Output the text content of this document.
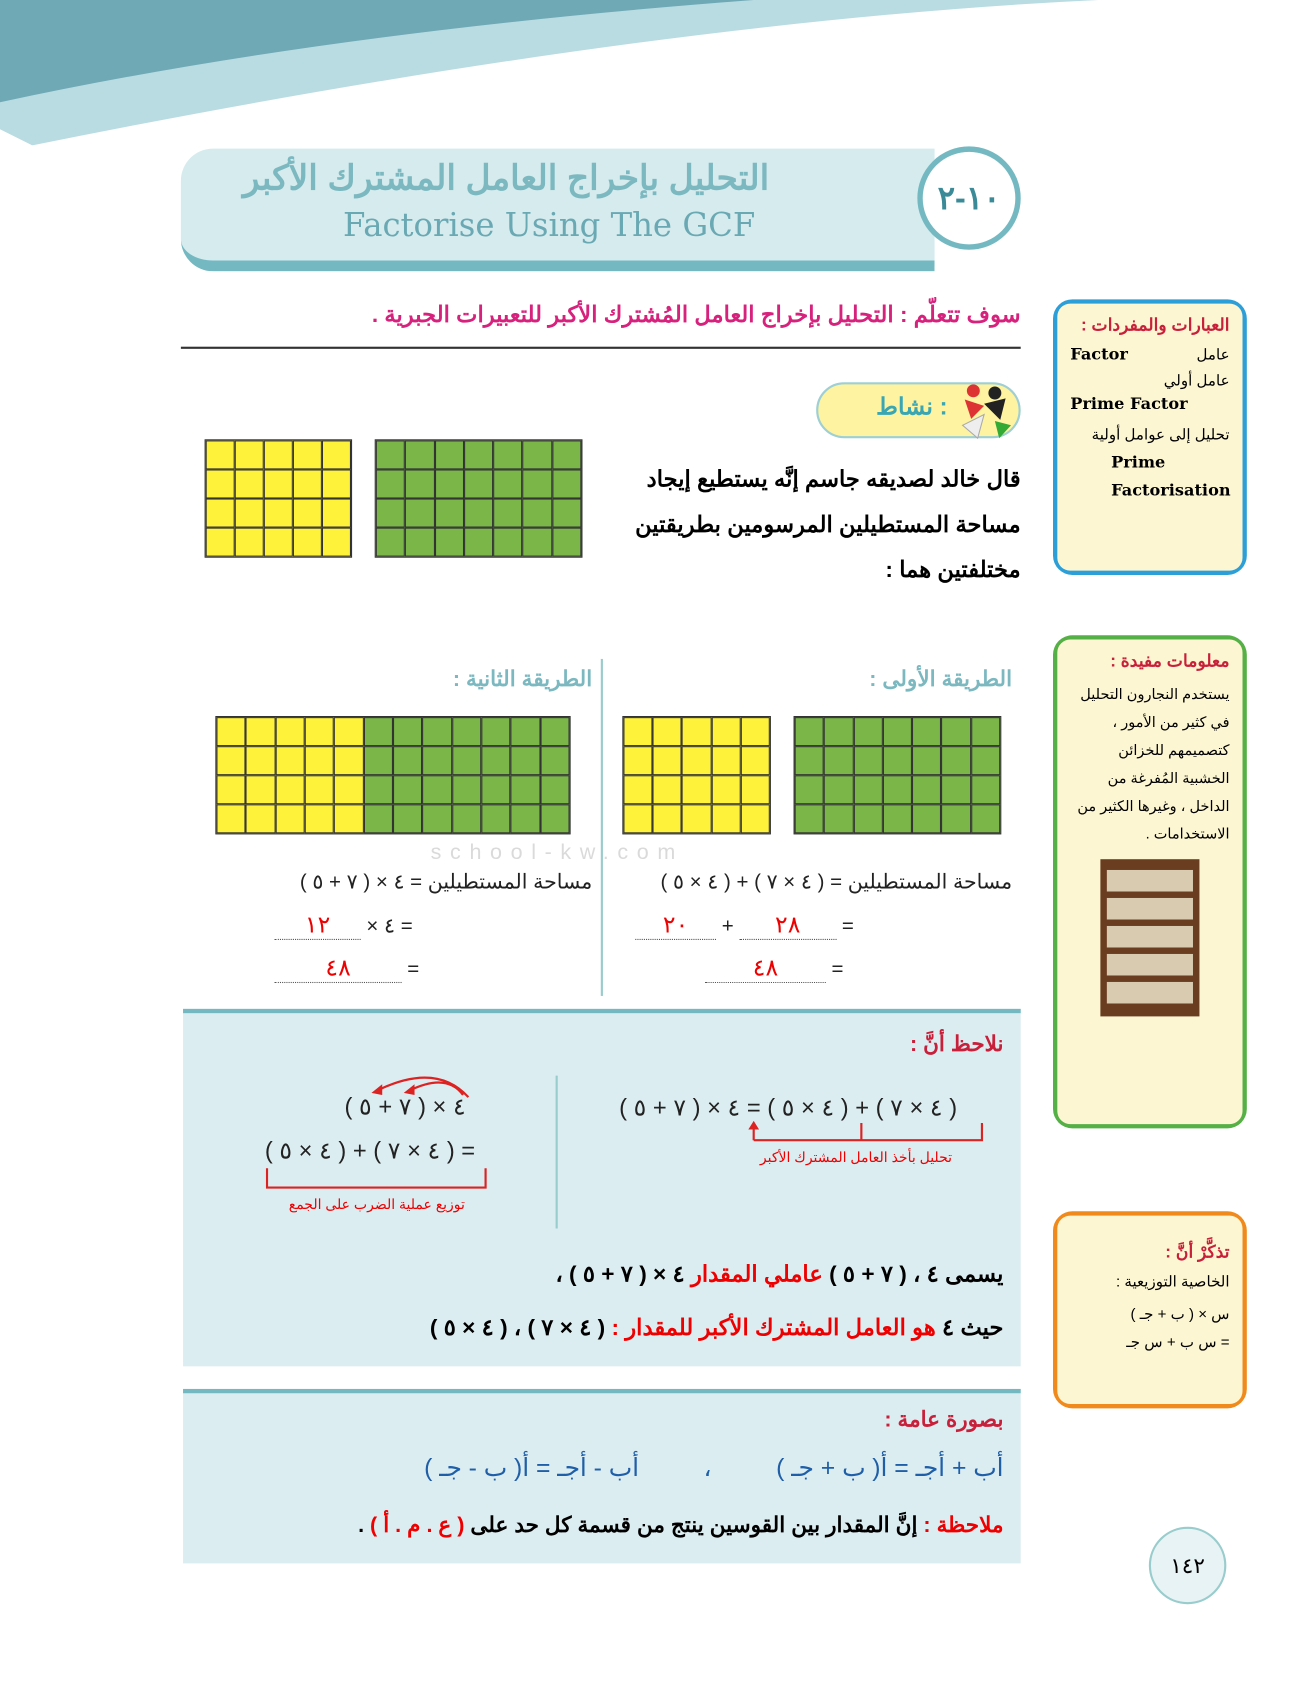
التحليل بإخراج العامل المشترك الأكبر
Factorise Using The GCF
١٠-٢
سوف تتعلّم : التحليل بإخراج العامل المُشترك الأكبر للتعبيرات الجبرية .	العبارات والمفردات :
عامل
Factor
عامل أولي
Prime Factor
تحليل إلى عوامل أولية
Prime Factorisation
نشاط :
قال خالد لصديقه جاسم إنَّه يستطيع إيجاد مساحة المستطيلين المرسومين بطريقتين مختلفتين هما :
الطريقة الأولى :
الطريقة الثانية :
school-kw.com
مساحة المستطيلين = ( ٤ × ٧ ) + ( ٤ × ٥ )
٢٠ + ٢٨ =
٤٨	=
مساحة المستطيلين = ٤ × ( ٧ + ٥ )
١٢ × ٤ =
٤٨	=
معلومات مفيدة :

يستخدم النجارون التحليل في كثير من الأمور ، كتصميمهم للخزائن الخشبية المُفرغة من الداخل ، وغيرها الكثير من الاستخدامات .

نلاحظ أنَّ :
( ٤ × ٧ ) + ( ٤ × ٥ ) = ٤ × ( ٧ + ٥ )
تحليل بأخذ العامل المشترك الأكبر
٤ × ( ٧ + ٥ )
= ( ٤ × ٧ ) + ( ٤ × ٥ )
توزيع عملية الضرب على الجمع
يسمى ٤ ، ( ٧ + ٥ ) عاملي المقدار ٤ × ( ٧ + ٥ ) ،
حيث ٤ هو العامل المشترك الأكبر للمقدار : ( ٤ × ٧ ) ، ( ٤ × ٥ )
تذكَّرْ أنَّ :

الخاصية التوزيعية :

س × ( ب + جـ )

= س ب + س جـ

بصورة عامة :
أب + أجـ = أ( ب + جـ )،أب - أجـ = أ( ب - جـ )
ملاحظة : إنَّ المقدار بين القوسين ينتج من قسمة كل حد على ( ع . م . أ ) .
١٤٢
